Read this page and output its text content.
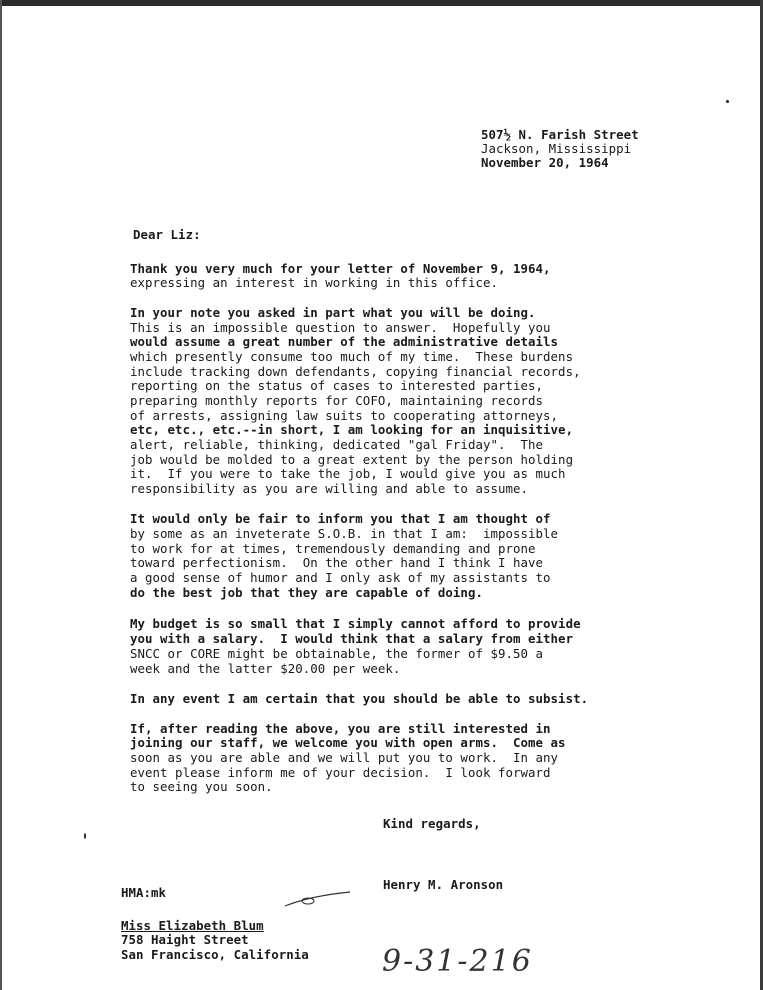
507½ N. Farish Street
Jackson, Mississippi
November 20, 1964
Dear Liz:
Thank you very much for your letter of November 9, 1964,
expressing an interest in working in this office.
In your note you asked in part what you will be doing.
This is an impossible question to answer.  Hopefully you
would assume a great number of the administrative details
which presently consume too much of my time.  These burdens
include tracking down defendants, copying financial records,
reporting on the status of cases to interested parties,
preparing monthly reports for COFO, maintaining records
of arrests, assigning law suits to cooperating attorneys,
etc, etc., etc.--in short, I am looking for an inquisitive,
alert, reliable, thinking, dedicated "gal Friday".  The
job would be molded to a great extent by the person holding
it.  If you were to take the job, I would give you as much
responsibility as you are willing and able to assume.
It would only be fair to inform you that I am thought of
by some as an inveterate S.O.B. in that I am:  impossible
to work for at times, tremendously demanding and prone
toward perfectionism.  On the other hand I think I have
a good sense of humor and I only ask of my assistants to
do the best job that they are capable of doing.
My budget is so small that I simply cannot afford to provide
you with a salary.  I would think that a salary from either
SNCC or CORE might be obtainable, the former of $9.50 a
week and the latter $20.00 per week.
In any event I am certain that you should be able to subsist.
If, after reading the above, you are still interested in
joining our staff, we welcome you with open arms.  Come as
soon as you are able and we will put you to work.  In any
event please inform me of your decision.  I look forward
to seeing you soon.
Kind regards,
Henry M. Aronson
HMA:mk
Miss Elizabeth Blum
758 Haight Street
San Francisco, California 9-31-216
